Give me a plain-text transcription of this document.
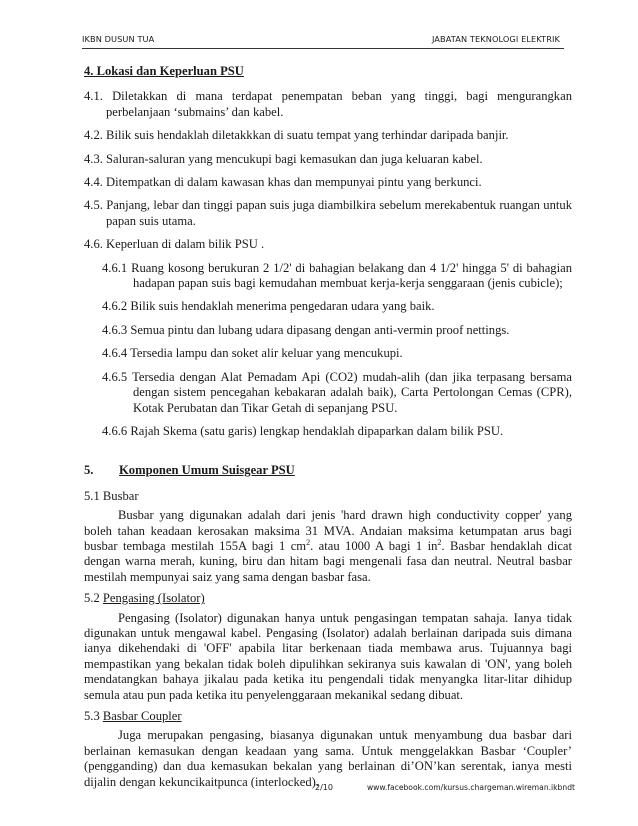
IKBN DUSUN TUA	JABATAN TEKNOLOGI ELEKTRIK

4. Lokasi dan Keperluan PSU

4.1. Diletakkan di mana terdapat penempatan beban yang tinggi, bagi mengurangkan perbelanjaan ‘submains’ dan kabel.

4.2. Bilik suis hendaklah diletakkkan di suatu tempat yang terhindar daripada banjir.

4.3. Saluran-saluran yang mencukupi bagi kemasukan dan juga keluaran kabel.

4.4. Ditempatkan di dalam kawasan khas dan mempunyai pintu yang berkunci.

4.5. Panjang, lebar dan tinggi papan suis juga diambilkira sebelum merekabentuk ruangan untuk papan suis utama.

4.6. Keperluan di dalam bilik PSU .

4.6.1 Ruang kosong berukuran 2 1/2' di bahagian belakang dan 4 1/2' hingga 5' di bahagian hadapan papan suis bagi kemudahan membuat kerja-kerja senggaraan (jenis cubicle);

4.6.2 Bilik suis hendaklah menerima pengedaran udara yang baik.

4.6.3 Semua pintu dan lubang udara dipasang dengan anti-vermin proof nettings.

4.6.4 Tersedia lampu dan soket alir keluar yang mencukupi.

4.6.5 Tersedia dengan Alat Pemadam Api (CO2) mudah-alih (dan jika terpasang bersama dengan sistem pencegahan kebakaran adalah baik), Carta Pertolongan Cemas (CPR), Kotak Perubatan dan Tikar Getah di sepanjang PSU.

4.6.6 Rajah Skema (satu garis) lengkap hendaklah dipaparkan dalam bilik PSU.

5. Komponen Umum Suisgear PSU

5.1 Busbar

Busbar yang digunakan adalah dari jenis 'hard drawn high conductivity copper' yang boleh tahan keadaan kerosakan maksima 31 MVA. Andaian maksima ketumpatan arus bagi busbar tembaga mestilah 155A bagi 1 $cm^2$. atau 1000 A bagi 1 $in^2$. Basbar hendaklah dicat dengan warna merah, kuning, biru dan hitam bagi mengenali fasa dan neutral. Neutral basbar mestilah mempunyai saiz yang sama dengan basbar fasa.

5.2 Pengasing (Isolator)

Pengasing (Isolator) digunakan hanya untuk pengasingan tempatan sahaja. Ianya tidak digunakan untuk mengawal kabel. Pengasing (Isolator) adalah berlainan daripada suis dimana ianya dikehendaki di 'OFF' apabila litar berkenaan tiada membawa arus. Tujuannya bagi mempastikan yang bekalan tidak boleh dipulihkan sekiranya suis kawalan di 'ON', yang boleh mendatangkan bahaya jikalau pada ketika itu pengendali tidak menyangka litar-litar dihidup semula atau pun pada ketika itu penyelenggaraan mekanikal sedang dibuat.

5.3 Basbar Coupler

Juga merupakan pengasing, biasanya digunakan untuk menyambung dua basbar dari berlainan kemasukan dengan keadaan yang sama. Untuk menggelakkan Basbar ‘Coupler’ (pengganding) dan dua kemasukan bekalan yang berlainan di’ON’kan serentak, ianya mesti dijalin dengan kekuncikaitpunca (interlocked).

2/10	www.facebook.com/kursus.chargeman.wireman.ikbndt
